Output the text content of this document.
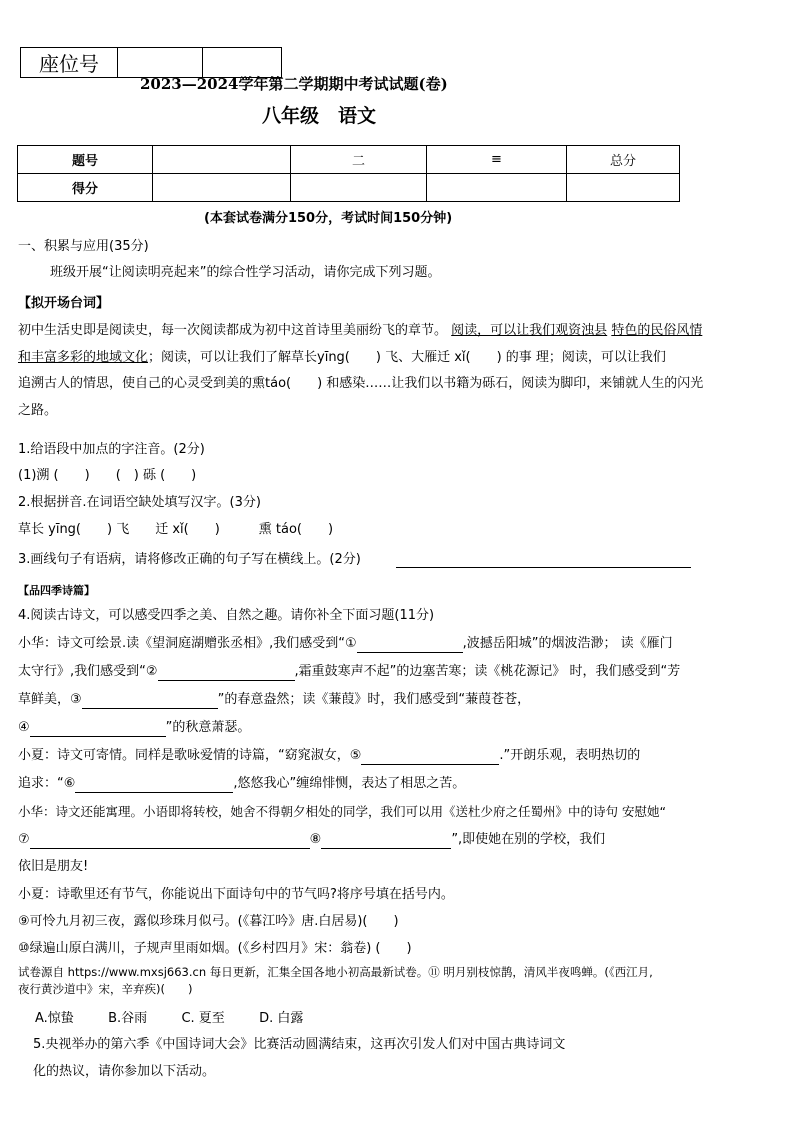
座位号		
2023—2024学年第二学期期中考试试题(卷)
八年级　语文
题号		二	≡	总分
得分				
(本套试卷满分150分，考试时间150分钟)
一、积累与应用(35分)
班级开展“让阅读明亮起来”的综合性学习活动，请你完成下列习题。
【拟开场台词】
初中生活史即是阅读史，每一次阅读都成为初中这首诗里美丽纷飞的章节。 阅读，可以让我们观资浊县 特色的民俗风情
和丰富多彩的地域文化；阅读，可以让我们了解草长yīng(　　) 飞、大雁迁 xǐ(　　) 的事 理；阅读，可以让我们
追溯古人的情思，使自己的心灵受到美的熏táo(　　) 和感染……让我们以书籍为砾石，阅读为脚印，来铺就人生的闪光
之路。
1.给语段中加点的字注音。(2分)
(1)溯 (　　)　　(　) 砾 (　　)
2.根据拼音.在词语空缺处填写汉字。(3分)
草长 yīng(　　) 飞　　迁 xǐ(　　)　　　熏 táo(　　)
3.画线句子有语病，请将修改正确的句子写在横线上。(2分)
【品四季诗篇】
4.阅读古诗文，可以感受四季之美、自然之趣。请你补全下面习题(11分)
小华：诗文可绘景.读《望洞庭湖赠张丞相》,我们感受到“①	,波撼岳阳城”的烟波浩渺； 读《雁门
太守行》,我们感受到“②	,霜重鼓寒声不起”的边塞苦寒；读《桃花源记》 时，我们感受到“芳
草鲜美，③	”的春意盎然；读《蒹葭》时，我们感受到“蒹葭苍苍，
④	”的秋意萧瑟。
小夏：诗文可寄情。同样是歌咏爱情的诗篇，“窈窕淑女，⑤	.”开朗乐观，表明热切的
追求：“⑥	,悠悠我心”缠绵悱恻，表达了相思之苦。
小华：诗文还能寓理。小语即将转校，她舍不得朝夕相处的同学，我们可以用《送杜少府之任蜀州》中的诗句 安慰她“
⑦	⑧	”,即使她在别的学校，我们
依旧是朋友!
小夏：诗歌里还有节气，你能说出下面诗句中的节气吗?将序号填在括号内。
⑨可怜九月初三夜，露似珍珠月似弓。(《暮江吟》唐.白居易)(　　)
⑩绿遍山原白满川，子规声里雨如烟。(《乡村四月》宋：翁卷) (　　)
试卷源自 https://www.mxsj663.cn 每日更新，汇集全国各地小初高最新试卷。⑪ 明月别枝惊鹊，清风半夜鸣蝉。(《西江月,
夜行黄沙道中》宋，辛弃疾)(　　)
A.惊蛰	B.谷雨	C. 夏至	D. 白露
5.央视举办的第六季《中国诗词大会》比赛活动圆满结束，这再次引发人们对中国古典诗词文
化的热议，请你参加以下活动。
